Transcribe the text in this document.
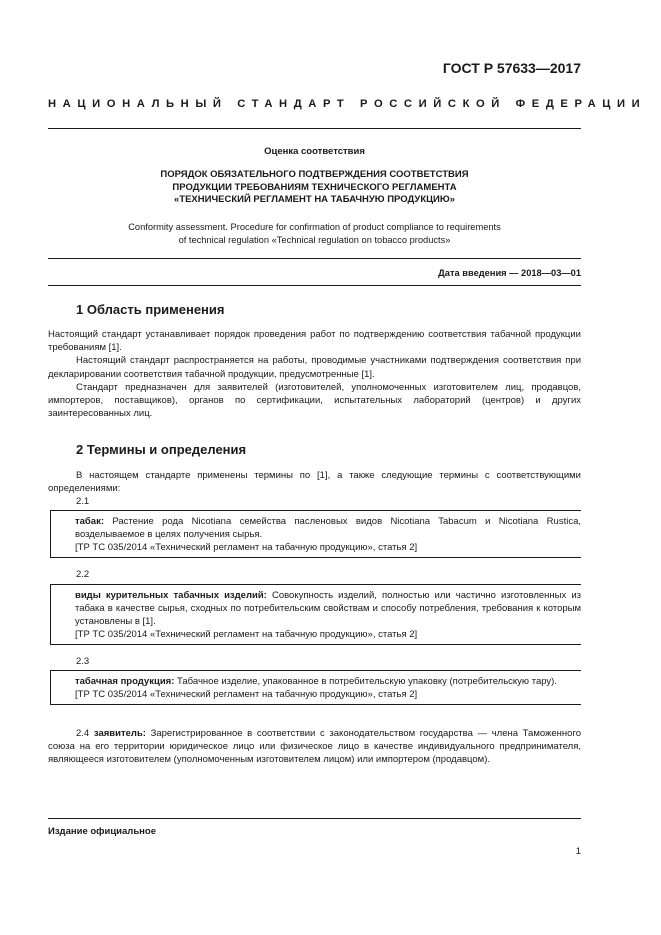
ГОСТ Р 57633—2017
НАЦИОНАЛЬНЫЙ СТАНДАРТ РОССИЙСКОЙ ФЕДЕРАЦИИ
Оценка соответствия
ПОРЯДОК ОБЯЗАТЕЛЬНОГО ПОДТВЕРЖДЕНИЯ СООТВЕТСТВИЯ
ПРОДУКЦИИ ТРЕБОВАНИЯМ ТЕХНИЧЕСКОГО РЕГЛАМЕНТА
«ТЕХНИЧЕСКИЙ РЕГЛАМЕНТ НА ТАБАЧНУЮ ПРОДУКЦИЮ»
Conformity assessment. Procedure for confirmation of product compliance to requirements
of technical regulation «Technical regulation on tobacco products»
Дата введения — 2018—03—01
1 Область применения
Настоящий стандарт устанавливает порядок проведения работ по подтверждению соответствия табачной продукции требованиям [1].
Настоящий стандарт распространяется на работы, проводимые участниками подтверждения соответствия при декларировании соответствия табачной продукции, предусмотренные [1].
Стандарт предназначен для заявителей (изготовителей, уполномоченных изготовителем лиц, продавцов, импортеров, поставщиков), органов по сертификации, испытательных лабораторий (центров) и других заинтересованных лиц.
2 Термины и определения
В настоящем стандарте применены термины по [1], а также следующие термины с соответствующими определениями:
2.1
табак: Растение рода Nicotiana семейства пасленовых видов Nicotiana Tabacum и Nicotiana Rustica, возделываемое в целях получения сырья.
[ТР ТС 035/2014 «Технический регламент на табачную продукцию», статья 2]
2.2
виды курительных табачных изделий: Совокупность изделий, полностью или частично изготовленных из табака в качестве сырья, сходных по потребительским свойствам и способу потребления, требования к которым установлены в [1].
[ТР ТС 035/2014 «Технический регламент на табачную продукцию», статья 2]
2.3
табачная продукция: Табачное изделие, упакованное в потребительскую упаковку (потребительскую тару).
[ТР ТС 035/2014 «Технический регламент на табачную продукцию», статья 2]
2.4 заявитель: Зарегистрированное в соответствии с законодательством государства — члена Таможенного союза на его территории юридическое лицо или физическое лицо в качестве индивидуального предпринимателя, являющееся изготовителем (уполномоченным изготовителем лицом) или импортером (продавцом).
Издание официальное
1
